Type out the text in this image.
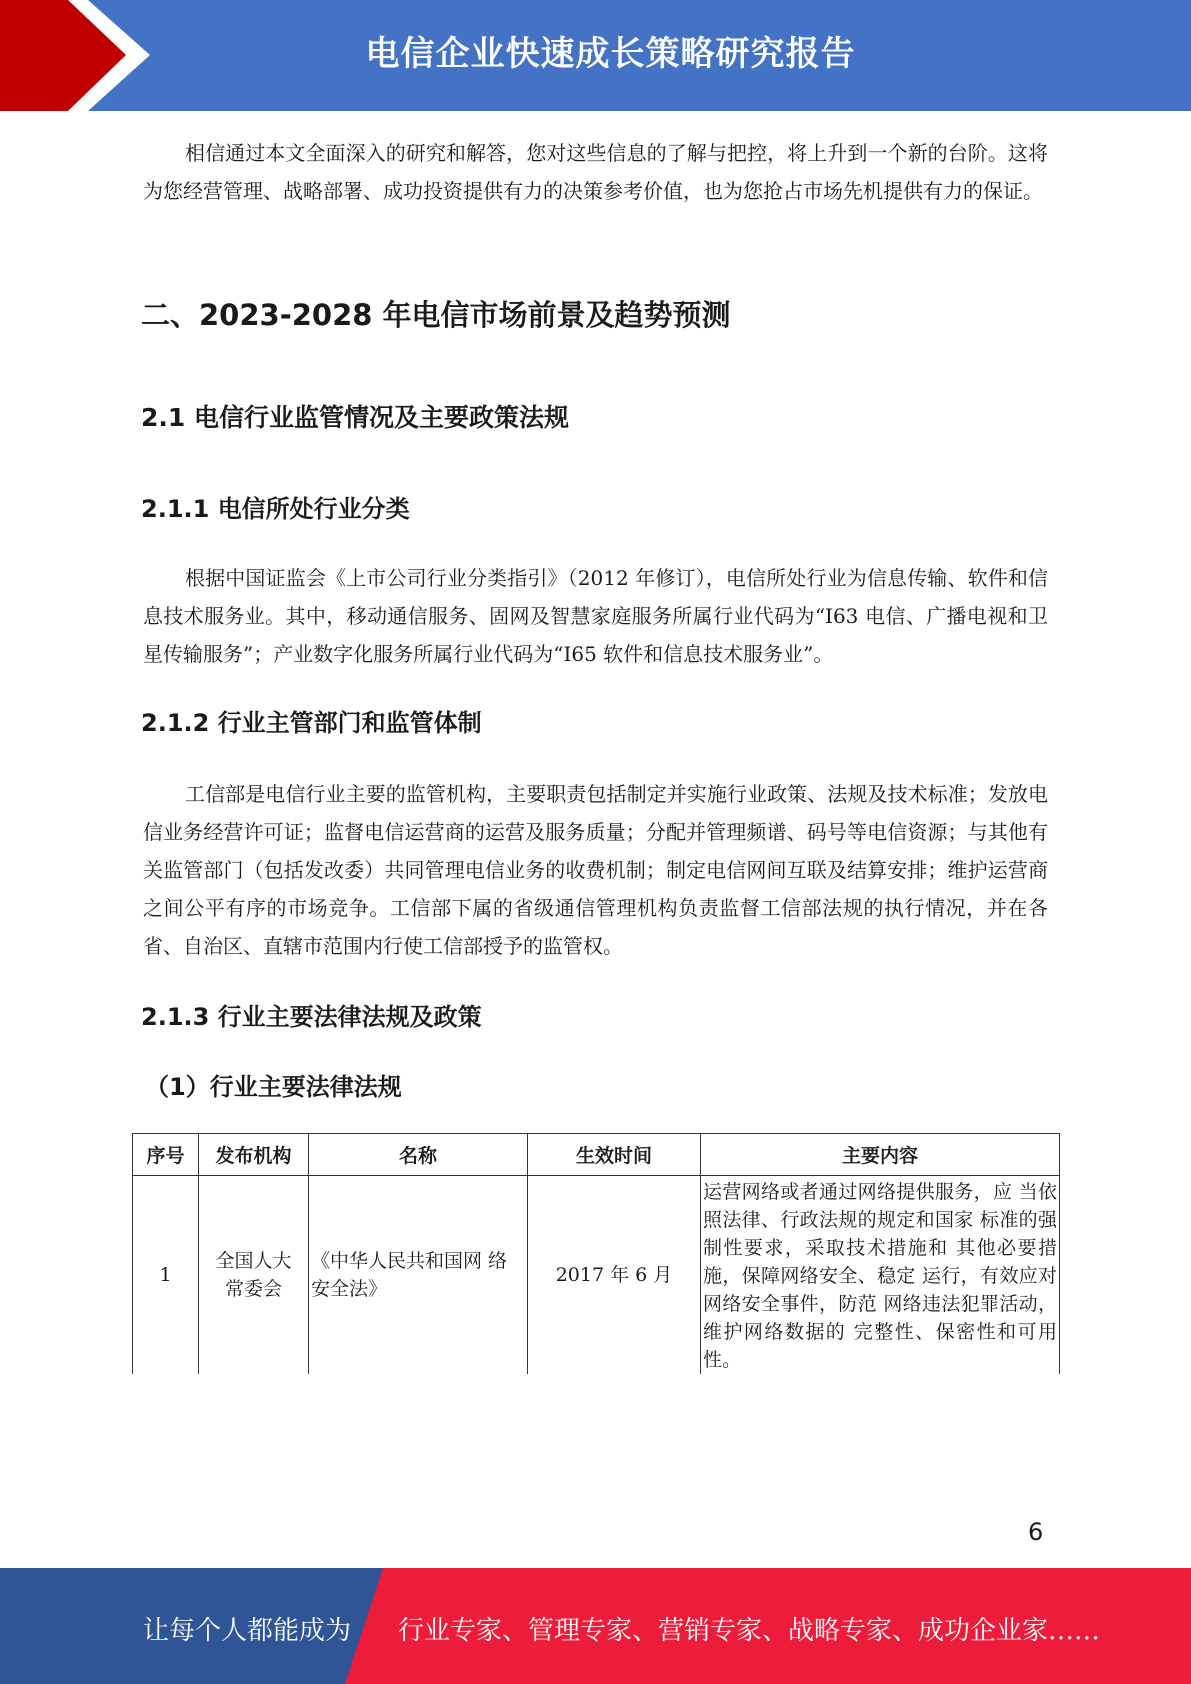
电信企业快速成长策略研究报告

相信通过本文全面深入的研究和解答，您对这些信息的了解与把控，将上升到一个新的台阶。这将为您经营管理、战略部署、成功投资提供有力的决策参考价值，也为您抢占市场先机提供有力的保证。

二、2023-2028 年电信市场前景及趋势预测
2.1 电信行业监管情况及主要政策法规
2.1.1 电信所处行业分类

根据中国证监会《上市公司行业分类指引》（2012 年修订），电信所处行业为信息传输、软件和信息技术服务业。其中，移动通信服务、固网及智慧家庭服务所属行业代码为“I63 电信、广播电视和卫星传输服务”；产业数字化服务所属行业代码为“I65 软件和信息技术服务业”。

2.1.2 行业主管部门和监管体制

工信部是电信行业主要的监管机构，主要职责包括制定并实施行业政策、法规及技术标准；发放电信业务经营许可证；监督电信运营商的运营及服务质量；分配并管理频谱、码号等电信资源；与其他有关监管部门（包括发改委）共同管理电信业务的收费机制；制定电信网间互联及结算安排；维护运营商之间公平有序的市场竞争。工信部下属的省级通信管理机构负责监督工信部法规的执行情况，并在各省、自治区、直辖市范围内行使工信部授予的监管权。

2.1.3 行业主要法律法规及政策
（1）行业主要法律法规
序号	发布机构	名称	生效时间	主要内容
1	全国人大常委会	《中华人民共和国网 络安全法》	2017 年 6 月	运营网络或者通过网络提供服务，应 当依照法律、行政法规的规定和国家 标准的强制性要求，采取技术措施和 其他必要措施，保障网络安全、稳定 运行，有效应对网络安全事件，防范 网络违法犯罪活动，维护网络数据的 完整性、保密性和可用性。
6
让每个人都能成为 行业专家、管理专家、营销专家、战略专家、成功企业家……
